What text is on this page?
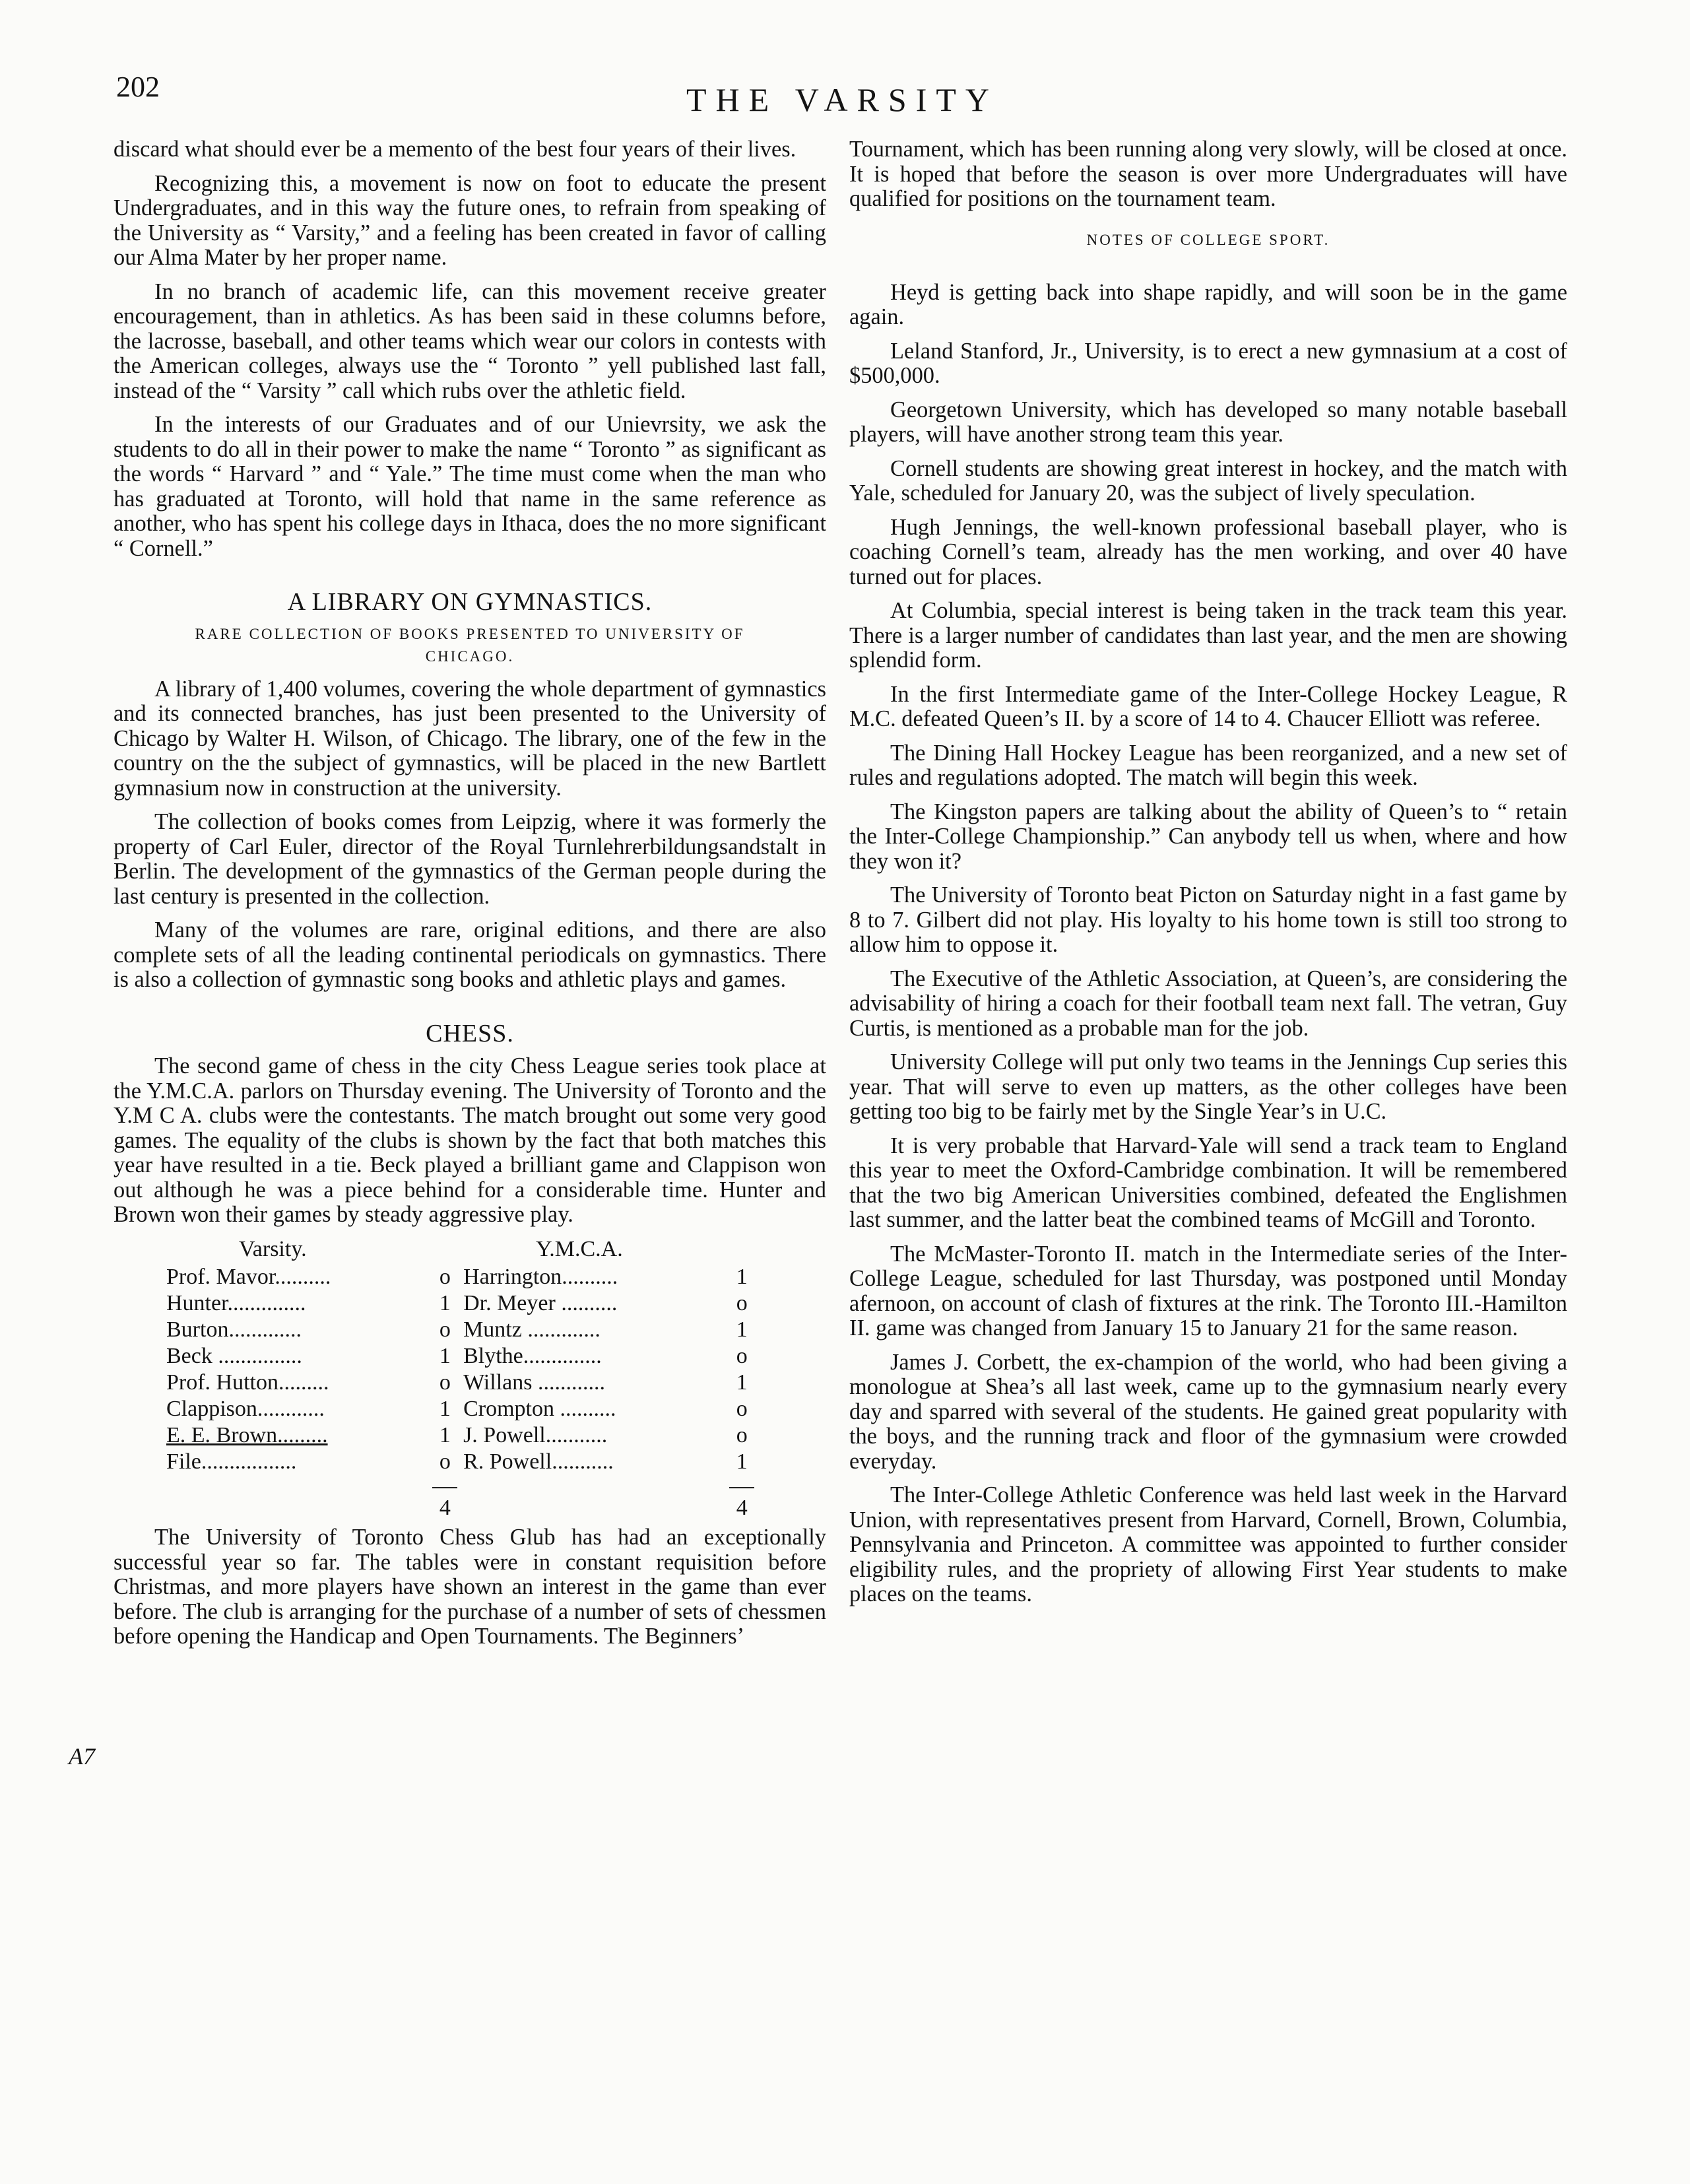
202	THE VARSITY

discard what should ever be a memento of the best four years of their lives.

Recognizing this, a movement is now on foot to educate the present Undergraduates, and in this way the future ones, to refrain from speaking of the University as “ Varsity,” and a feeling has been created in favor of calling our Alma Mater by her proper name.

In no branch of academic life, can this movement receive greater encouragement, than in athletics. As has been said in these columns before, the lacrosse, baseball, and other teams which wear our colors in contests with the American colleges, always use the “ Toronto ” yell published last fall, instead of the “ Varsity ” call which rubs over the athletic field.

In the interests of our Graduates and of our Unievrsity, we ask the students to do all in their power to make the name “ Toronto ” as significant as the words “ Harvard ” and “ Yale.” The time must come when the man who has graduated at Toronto, will hold that name in the same reference as another, who has spent his college days in Ithaca, does the no more significant “ Cornell.”

A LIBRARY ON GYMNASTICS.
RARE COLLECTION OF BOOKS PRESENTED TO UNIVERSITY OF CHICAGO.

A library of 1,400 volumes, covering the whole department of gymnastics and its connected branches, has just been presented to the University of Chicago by Walter H. Wilson, of Chicago. The library, one of the few in the country on the the subject of gymnastics, will be placed in the new Bartlett gymnasium now in construction at the university.

The collection of books comes from Leipzig, where it was formerly the property of Carl Euler, director of the Royal Turnlehrerbildungsandstalt in Berlin. The development of the gymnastics of the German people during the last century is presented in the collection.

Many of the volumes are rare, original editions, and there are also complete sets of all the leading continental periodicals on gymnastics. There is also a collection of gymnastic song books and athletic plays and games.

CHESS.

The second game of chess in the city Chess League series took place at the Y.M.C.A. parlors on Thursday evening. The University of Toronto and the Y.M C A. clubs were the contestants. The match brought out some very good games. The equality of the clubs is shown by the fact that both matches this year have resulted in a tie. Beck played a brilliant game and Clappison won out although he was a piece behind for a considerable time. Hunter and Brown won their games by steady aggressive play.

Varsity.		Y.M.C.A.	
Prof. Mavor..........	o	Harrington..........	1
Hunter..............	1	Dr. Meyer ..........	o
Burton.............	o	Muntz .............	1
Beck ...............	1	Blythe..............	o
Prof. Hutton.........	o	Willans ............	1
Clappison............	1	Crompton ..........	o
E. E. Brown.........	1	J. Powell...........	o
File.................	o	R. Powell...........	1

4		4

The University of Toronto Chess Glub has had an exceptionally successful year so far. The tables were in constant requisition before Christmas, and more players have shown an interest in the game than ever before. The club is arranging for the purchase of a number of sets of chessmen before opening the Handicap and Open Tournaments. The Beginners’

A7

Tournament, which has been running along very slowly, will be closed at once. It is hoped that before the season is over more Undergraduates will have qualified for positions on the tournament team.

NOTES OF COLLEGE SPORT.

Heyd is getting back into shape rapidly, and will soon be in the game again.

Leland Stanford, Jr., University, is to erect a new gymnasium at a cost of $500,000.

Georgetown University, which has developed so many notable baseball players, will have another strong team this year.

Cornell students are showing great interest in hockey, and the match with Yale, scheduled for January 20, was the subject of lively speculation.

Hugh Jennings, the well-known professional baseball player, who is coaching Cornell’s team, already has the men working, and over 40 have turned out for places.

At Columbia, special interest is being taken in the track team this year. There is a larger number of candidates than last year, and the men are showing splendid form.

In the first Intermediate game of the Inter-College Hockey League, R M.C. defeated Queen’s II. by a score of 14 to 4. Chaucer Elliott was referee.

The Dining Hall Hockey League has been reorganized, and a new set of rules and regulations adopted. The match will begin this week.

The Kingston papers are talking about the ability of Queen’s to “ retain the Inter-College Championship.” Can anybody tell us when, where and how they won it?

The University of Toronto beat Picton on Saturday night in a fast game by 8 to 7. Gilbert did not play. His loyalty to his home town is still too strong to allow him to oppose it.

The Executive of the Athletic Association, at Queen’s, are considering the advisability of hiring a coach for their football team next fall. The vetran, Guy Curtis, is mentioned as a probable man for the job.

University College will put only two teams in the Jennings Cup series this year. That will serve to even up matters, as the other colleges have been getting too big to be fairly met by the Single Year’s in U.C.

It is very probable that Harvard-Yale will send a track team to England this year to meet the Oxford-Cambridge combination. It will be remembered that the two big American Universities combined, defeated the Englishmen last summer, and the latter beat the combined teams of McGill and Toronto.

The McMaster-Toronto II. match in the Intermediate series of the Inter-College League, scheduled for last Thursday, was postponed until Monday afernoon, on account of clash of fixtures at the rink. The Toronto III.-Hamilton II. game was changed from January 15 to January 21 for the same reason.

James J. Corbett, the ex-champion of the world, who had been giving a monologue at Shea’s all last week, came up to the gymnasium nearly every day and sparred with several of the students. He gained great popularity with the boys, and the running track and floor of the gymnasium were crowded everyday.

The Inter-College Athletic Conference was held last week in the Harvard Union, with representatives present from Harvard, Cornell, Brown, Columbia, Pennsylvania and Princeton. A committee was appointed to further consider eligibility rules, and the propriety of allowing First Year students to make places on the teams.
